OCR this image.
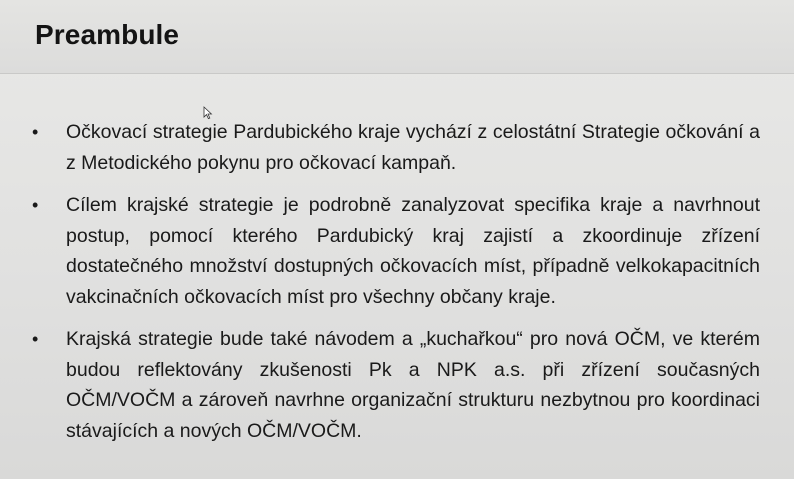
Preambule
• Očkovací strategie Pardubického kraje vychází z celostátní Strategie očkování a z Metodického pokynu pro očkovací kampaň.

• Cílem krajské strategie je podrobně zanalyzovat specifika kraje a navrhnout postup, pomocí kterého Pardubický kraj zajistí a zkoordinuje zřízení dostatečného množství dostupných očkovacích míst, případně velkokapacitních vakcinačních očkovacích míst pro všechny občany kraje.

• Krajská strategie bude také návodem a „kuchařkou“ pro nová OČM, ve kterém budou reflektovány zkušenosti Pk a NPK a.s. při zřízení současných OČM/VOČM a zároveň navrhne organizační strukturu nezbytnou pro koordinaci stávajících a nových OČM/VOČM.
